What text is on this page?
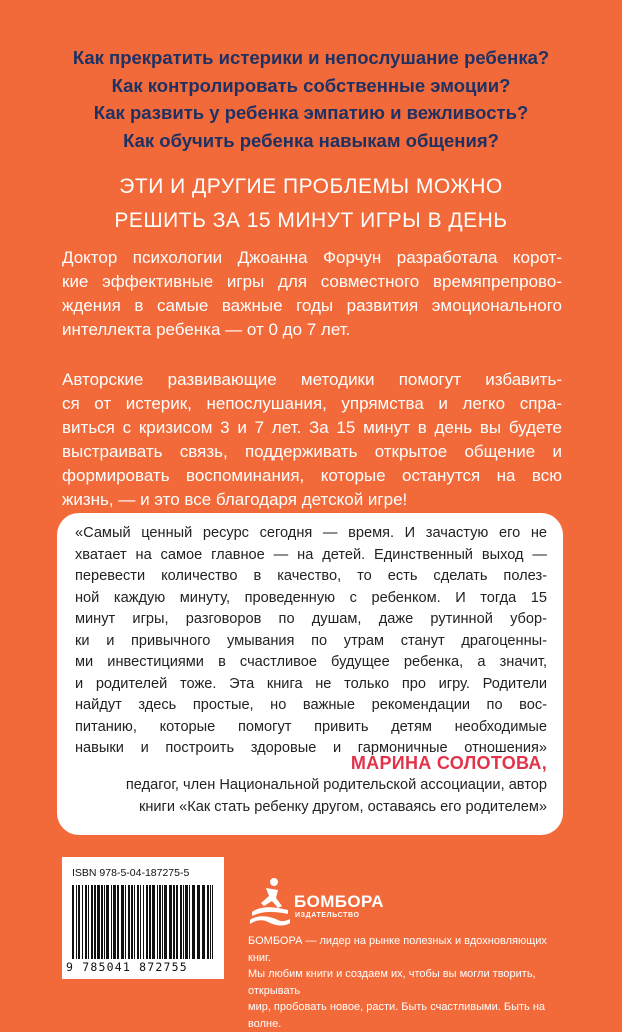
Как прекратить истерики и непослушание ребенка?
Как контролировать собственные эмоции?
Как развить у ребенка эмпатию и вежливость?
Как обучить ребенка навыкам общения?
ЭТИ И ДРУГИЕ ПРОБЛЕМЫ МОЖНО
РЕШИТЬ ЗА 15 МИНУТ ИГРЫ В ДЕНЬ
Доктор психологии Джоанна Форчун разработала корот-
кие эффективные игры для совместного времяпрепрово-
ждения в самые важные годы развития эмоционального
интеллекта ребенка — от 0 до 7 лет.
Авторские развивающие методики помогут избавить-
ся от истерик, непослушания, упрямства и легко спра-
виться с кризисом 3 и 7 лет. За 15 минут в день вы будете
выстраивать связь, поддерживать открытое общение и
формировать воспоминания, которые останутся на всю
жизнь, — и это все благодаря детской игре!
«Самый ценный ресурс сегодня — время. И зачастую его не
хватает на самое главное — на детей. Единственный выход —
перевести количество в качество, то есть сделать полез-
ной каждую минуту, проведенную с ребенком. И тогда 15
минут игры, разговоров по душам, даже рутинной убор-
ки и привычного умывания по утрам станут драгоценны-
ми инвестициями в счастливое будущее ребенка, а значит,
и родителей тоже. Эта книга не только про игру. Родители
найдут здесь простые, но важные рекомендации по вос-
питанию, которые помогут привить детям необходимые
навыки и построить здоровые и гармоничные отношения»
МАРИНА СОЛОТОВА,
педагог, член Национальной родительской ассоциации, автор
книги «Как стать ребенку другом, оставаясь его родителем»
ISBN 978-5-04-187275-5
9 785041 872755
БОМБОРА
ИЗДАТЕЛЬСТВО
БОМБОРА — лидер на рынке полезных и вдохновляющих книг.
Мы любим книги и создаем их, чтобы вы могли творить, открывать
мир, пробовать новое, расти. Быть счастливыми. Быть на волне.
